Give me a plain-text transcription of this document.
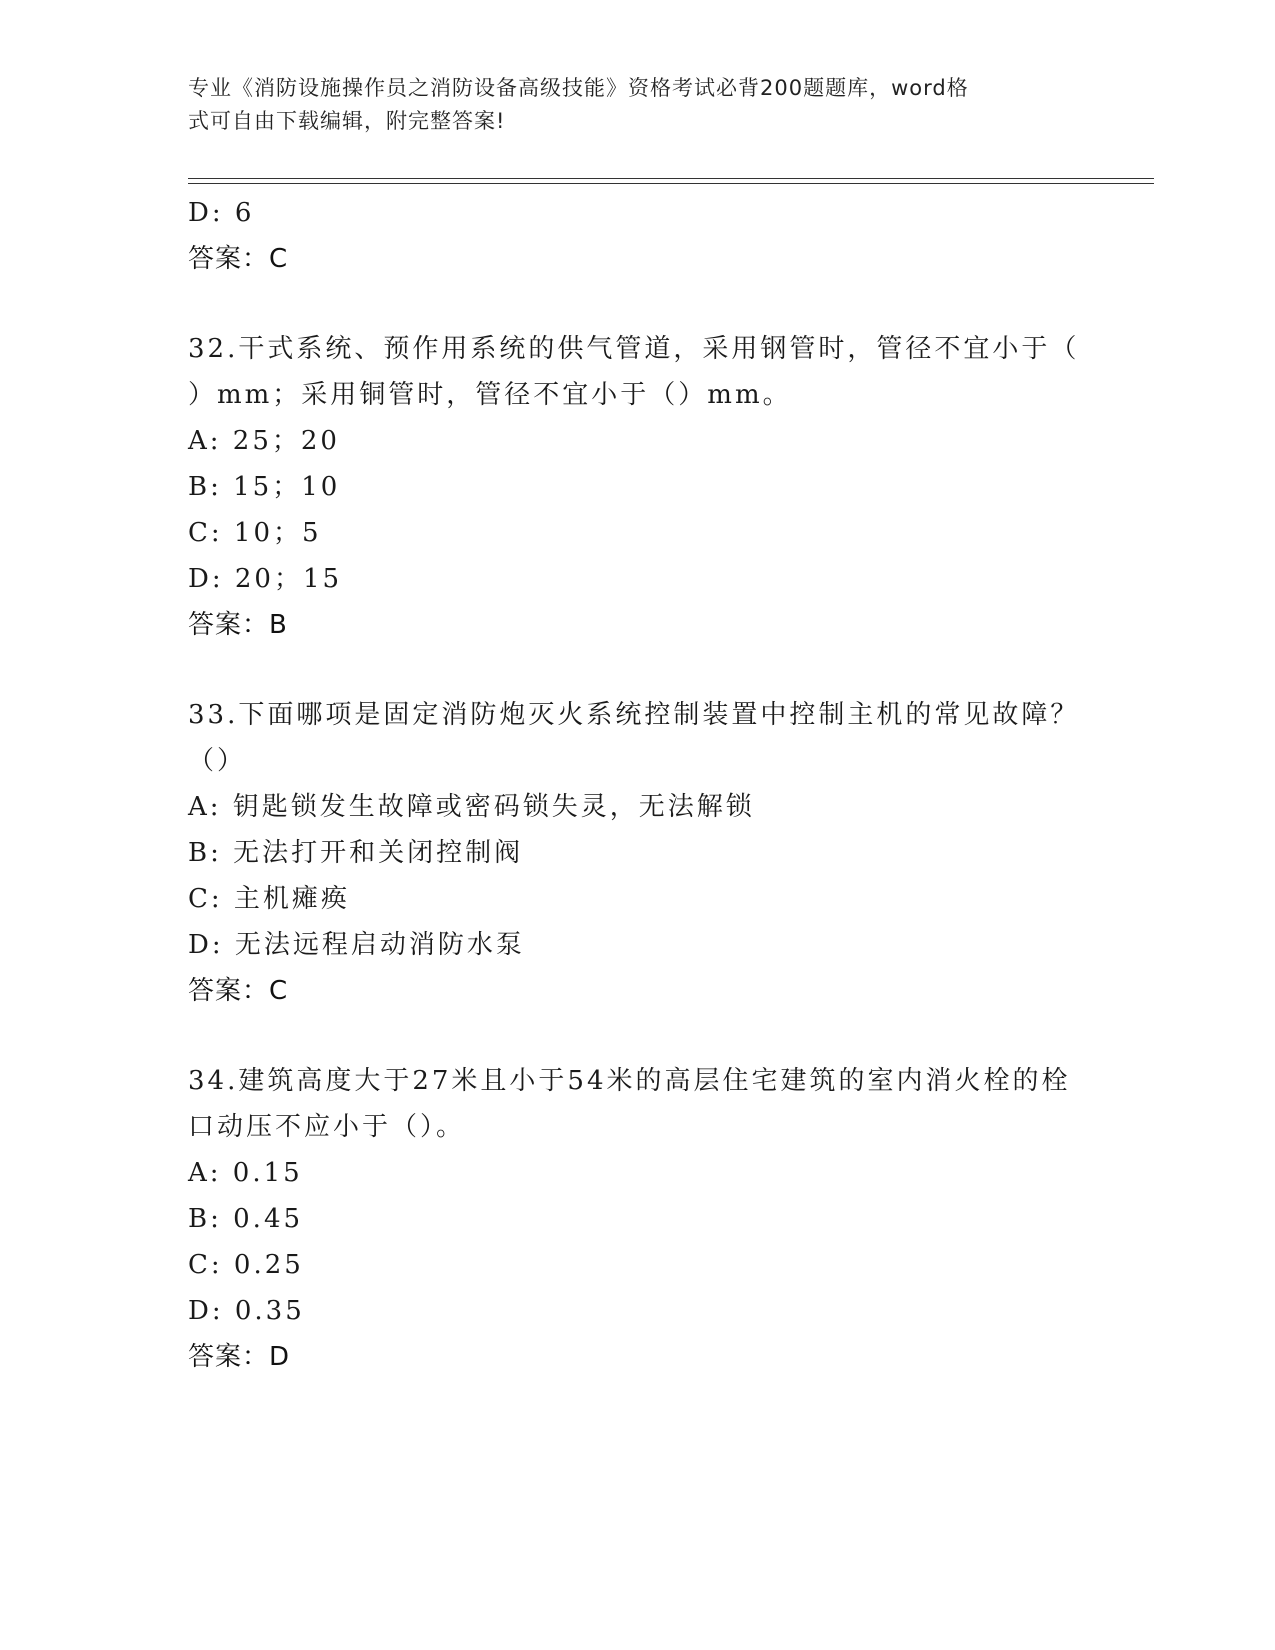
专业《消防设施操作员之消防设备高级技能》资格考试必背200题题库，word格
式可自由下载编辑，附完整答案!
D: 6
答案：C
32.干式系统、预作用系统的供气管道，采用钢管时，管径不宜小于（
）mm；采用铜管时，管径不宜小于（）mm。
A: 25；20
B: 15；10
C: 10；5
D: 20；15
答案：B
33.下面哪项是固定消防炮灭火系统控制装置中控制主机的常见故障？
（）
A: 钥匙锁发生故障或密码锁失灵，无法解锁
B: 无法打开和关闭控制阀
C: 主机瘫痪
D: 无法远程启动消防水泵
答案：C
34.建筑高度大于27米且小于54米的高层住宅建筑的室内消火栓的栓
口动压不应小于（）。
A: 0.15
B: 0.45
C: 0.25
D: 0.35
答案：D
